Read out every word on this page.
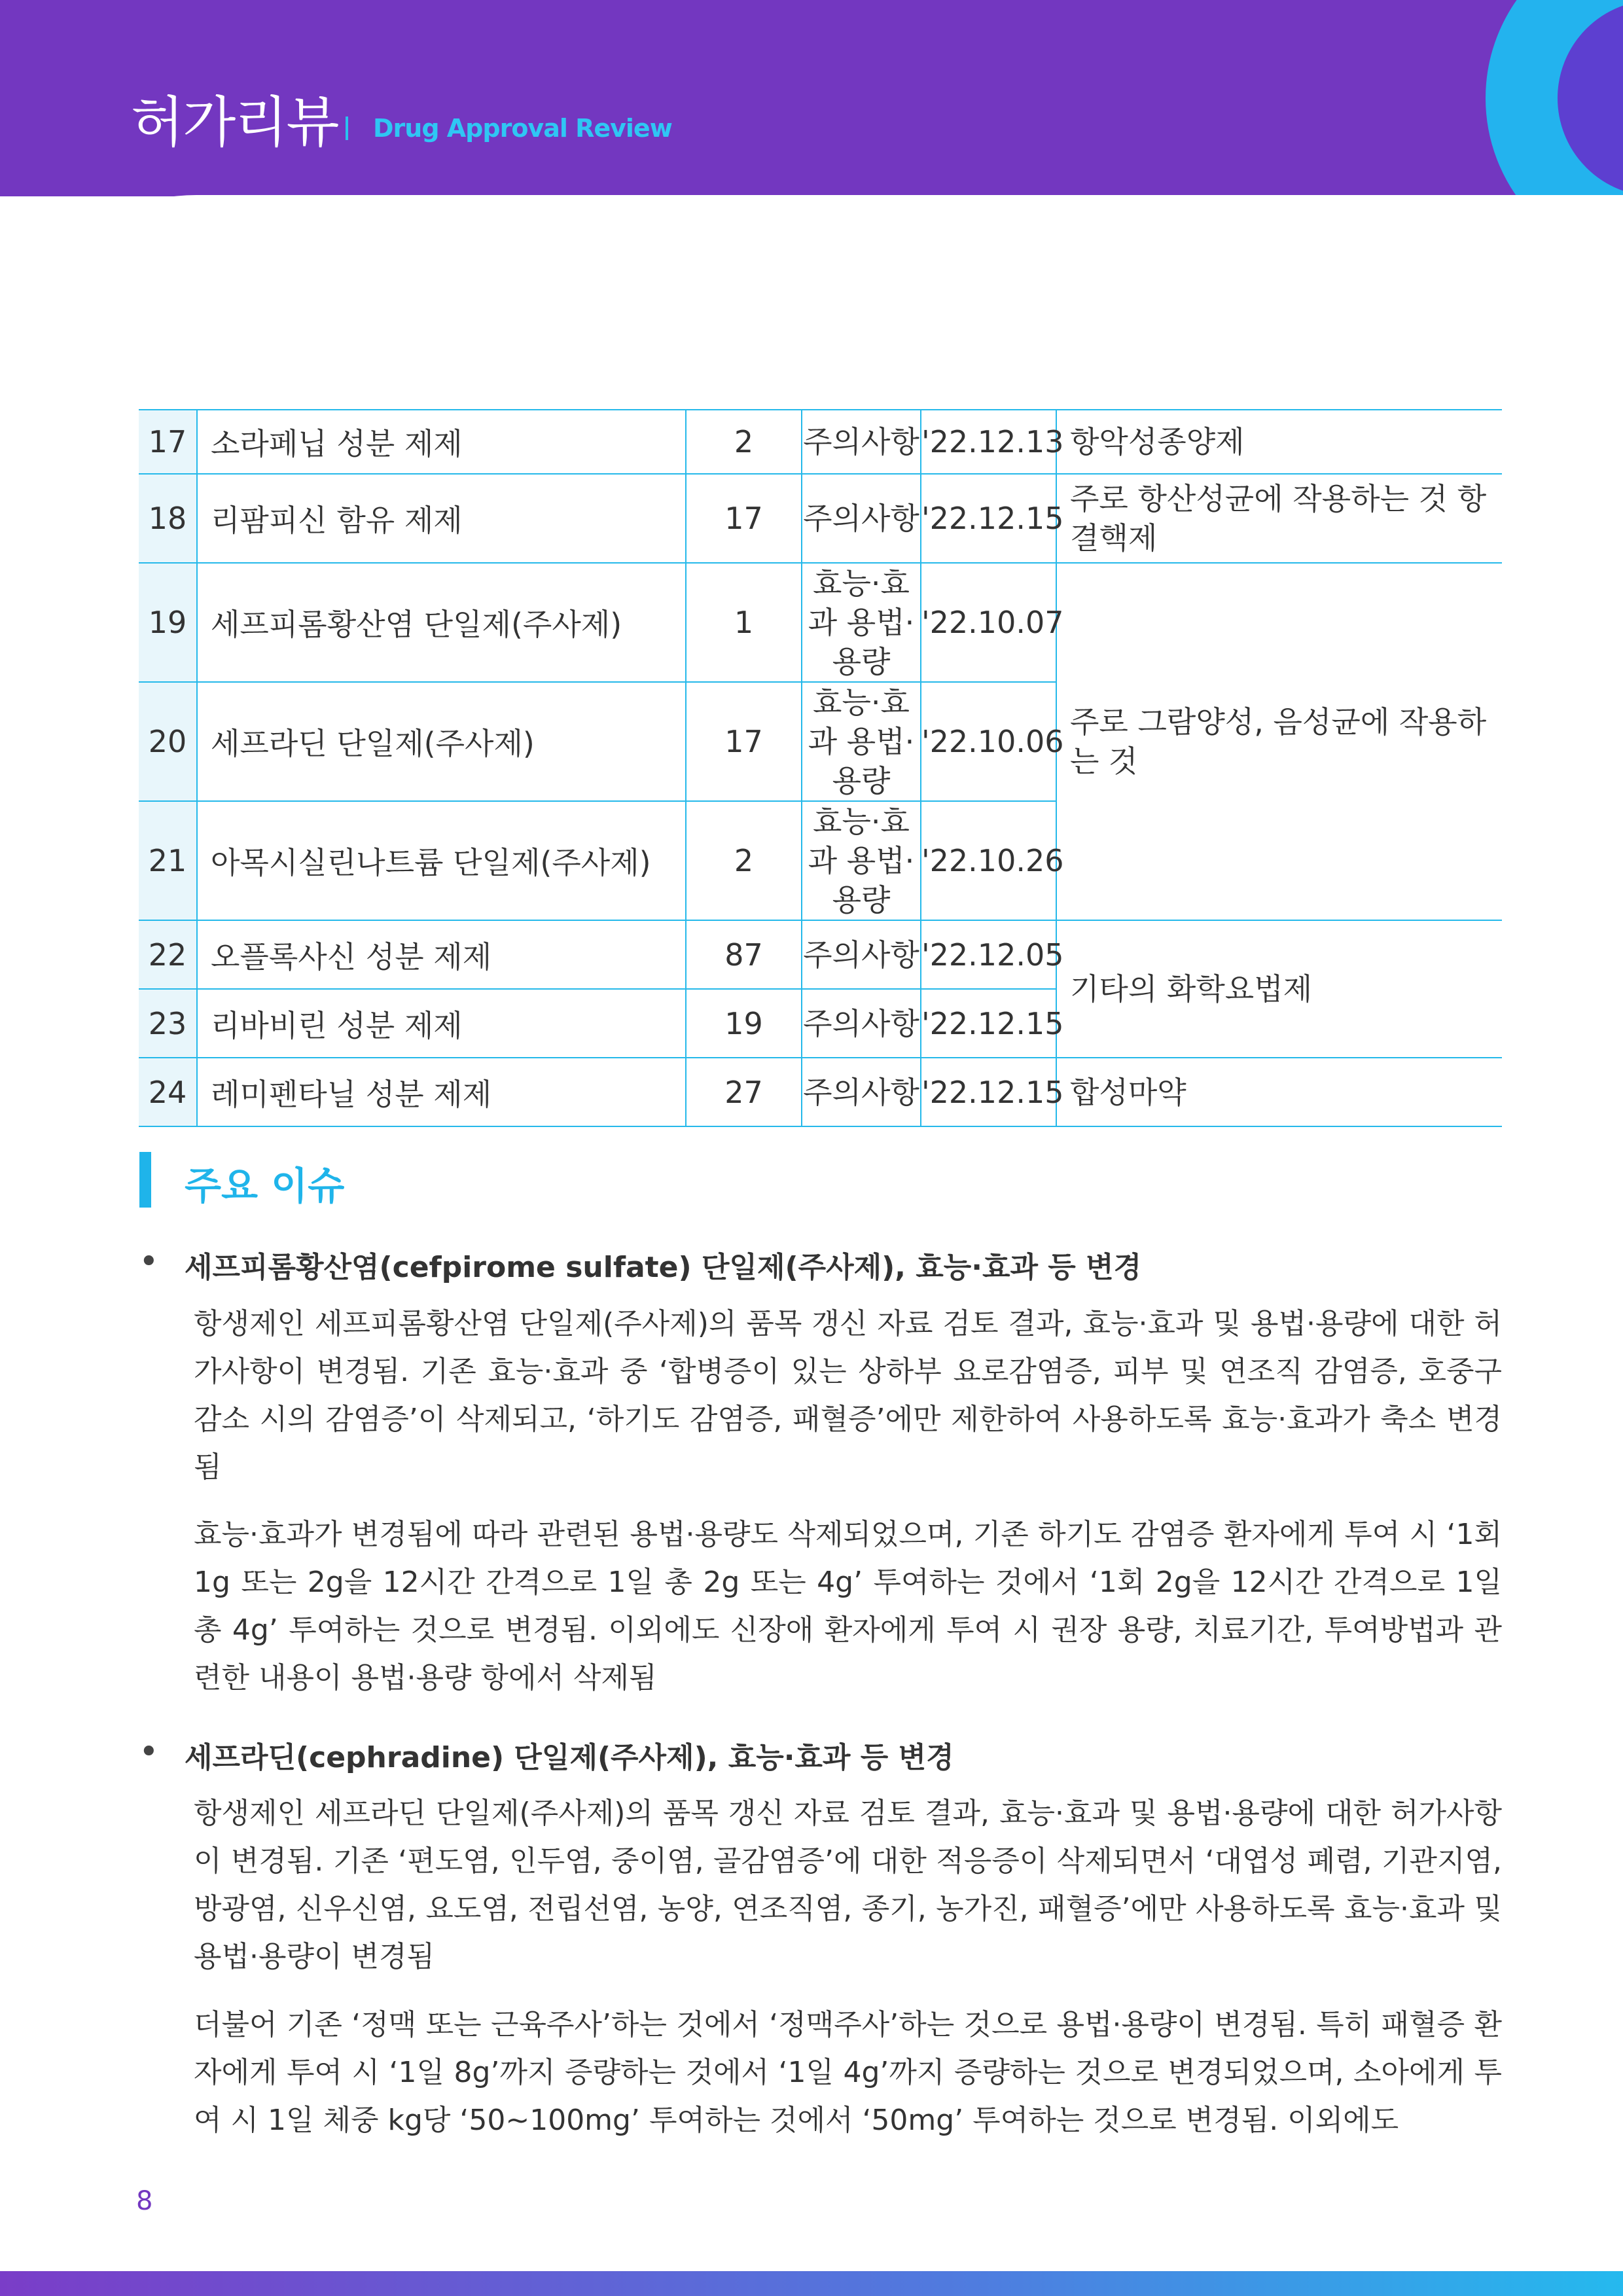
허가리뷰 Drug Approval Review
17	소라페닙 성분 제제	2	주의사항	'22.12.13	항악성종양제
18	리팜피신 함유 제제	17	주의사항	'22.12.15	주로 항산성균에 작용하는 것 항결핵제
19	세프피롬황산염 단일제(주사제)	1	효능·효과 용법·용량	'22.10.07	주로 그람양성, 음성균에 작용하는 것
20	세프라딘 단일제(주사제)	17	효능·효과 용법·용량	'22.10.06	
21	아목시실린나트륨 단일제(주사제)	2	효능·효과 용법·용량	'22.10.26	
22	오플록사신 성분 제제	87	주의사항	'22.12.05	기타의 화학요법제
23	리바비린 성분 제제	19	주의사항	'22.12.15	
24	레미펜타닐 성분 제제	27	주의사항	'22.12.15	합성마약
주요 이슈
• 세프피롬황산염(cefpirome sulfate) 단일제(주사제), 효능·효과 등 변경
항생제인 세프피롬황산염 단일제(주사제)의 품목 갱신 자료 검토 결과, 효능·효과 및 용법·용량에 대한 허가사항이 변경됨. 기존 효능·효과 중 ‘합병증이 있는 상하부 요로감염증, 피부 및 연조직 감염증, 호중구 감소 시의 감염증’이 삭제되고, ‘하기도 감염증, 패혈증’에만 제한하여 사용하도록 효능·효과가 축소 변경됨
효능·효과가 변경됨에 따라 관련된 용법·용량도 삭제되었으며, 기존 하기도 감염증 환자에게 투여 시 ‘1회 1g 또는 2g을 12시간 간격으로 1일 총 2g 또는 4g’ 투여하는 것에서 ‘1회 2g을 12시간 간격으로 1일 총 4g’ 투여하는 것으로 변경됨. 이외에도 신장애 환자에게 투여 시 권장 용량, 치료기간, 투여방법과 관련한 내용이 용법·용량 항에서 삭제됨
• 세프라딘(cephradine) 단일제(주사제), 효능·효과 등 변경
항생제인 세프라딘 단일제(주사제)의 품목 갱신 자료 검토 결과, 효능·효과 및 용법·용량에 대한 허가사항이 변경됨. 기존 ‘편도염, 인두염, 중이염, 골감염증’에 대한 적응증이 삭제되면서 ‘대엽성 폐렴, 기관지염, 방광염, 신우신염, 요도염, 전립선염, 농양, 연조직염, 종기, 농가진, 패혈증’에만 사용하도록 효능·효과 및 용법·용량이 변경됨
더불어 기존 ‘정맥 또는 근육주사’하는 것에서 ‘정맥주사’하는 것으로 용법·용량이 변경됨. 특히 패혈증 환자에게 투여 시 ‘1일 8g’까지 증량하는 것에서 ‘1일 4g’까지 증량하는 것으로 변경되었으며, 소아에게 투여 시 1일 체중 kg당 ‘50~100mg’ 투여하는 것에서 ‘50mg’ 투여하는 것으로 변경됨. 이외에도
8
